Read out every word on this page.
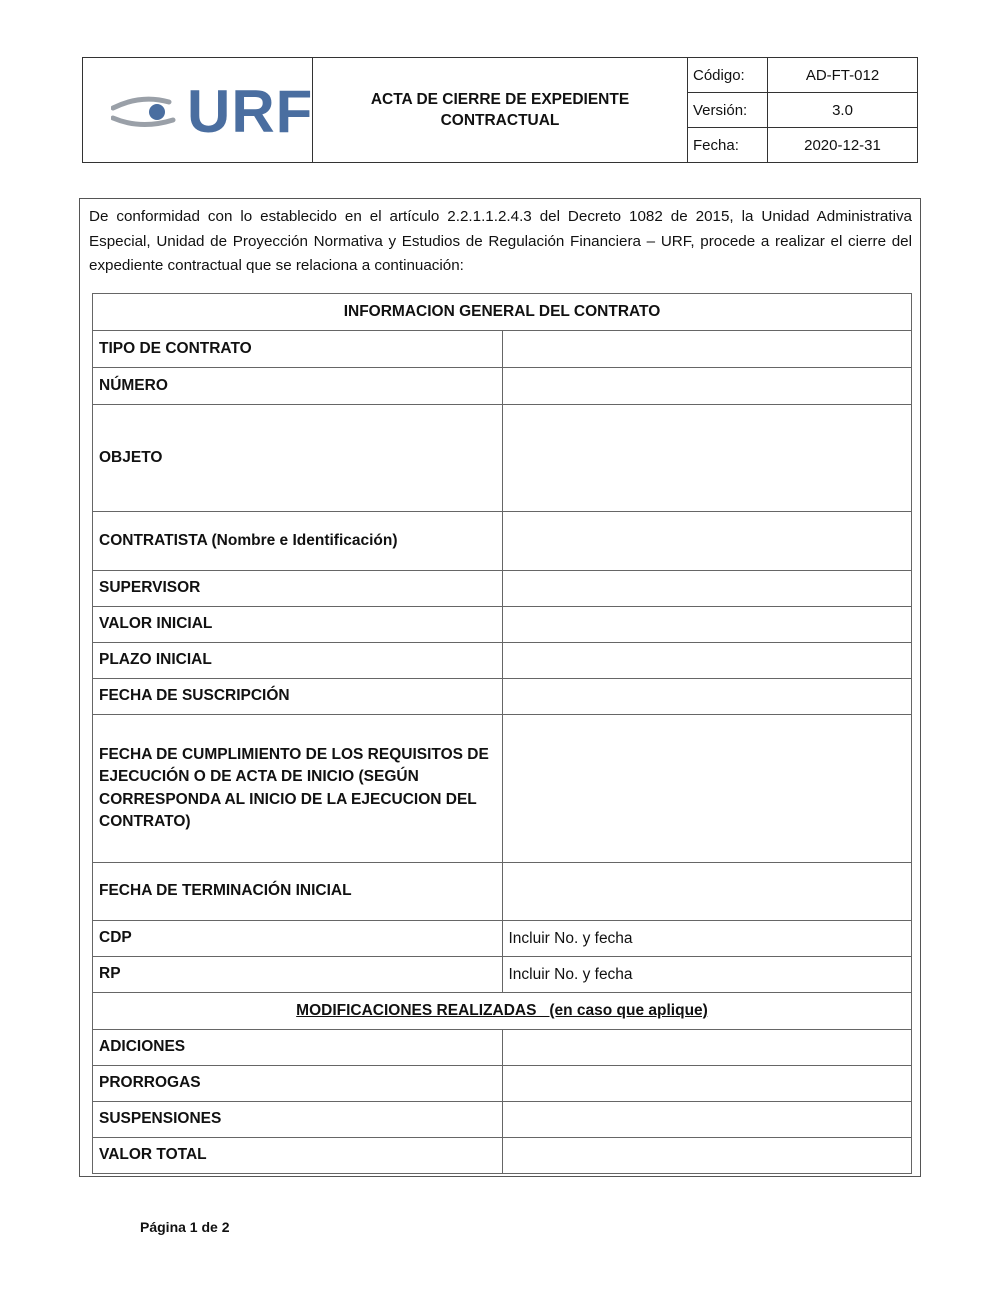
URF	ACTA DE CIERRE DE EXPEDIENTE CONTRACTUAL
Código:	AD-FT-012
Versión:	3.0
Fecha:	2020-12-31
De conformidad con lo establecido en el artículo 2.2.1.1.2.4.3 del Decreto 1082 de 2015, la Unidad Administrativa Especial, Unidad de Proyección Normativa y Estudios de Regulación Financiera – URF, procede a realizar el cierre del expediente contractual que se relaciona a continuación:
INFORMACION GENERAL DEL CONTRATO	
TIPO DE CONTRATO	
NÚMERO	
OBJETO	
CONTRATISTA (Nombre e Identificación)	
SUPERVISOR	
VALOR INICIAL	
PLAZO INICIAL	
FECHA DE SUSCRIPCIÓN	
FECHA DE CUMPLIMIENTO DE LOS REQUISITOS DE EJECUCIÓN O DE ACTA DE INICIO (SEGÚN CORRESPONDA AL INICIO DE LA EJECUCION DEL CONTRATO)	
FECHA DE TERMINACIÓN INICIAL	
CDP	Incluir No. y fecha
RP	Incluir No. y fecha
MODIFICACIONES REALIZADAS   (en caso que aplique)	
ADICIONES	
PRORROGAS	
SUSPENSIONES	
VALOR TOTAL	
Página 1 de 2
